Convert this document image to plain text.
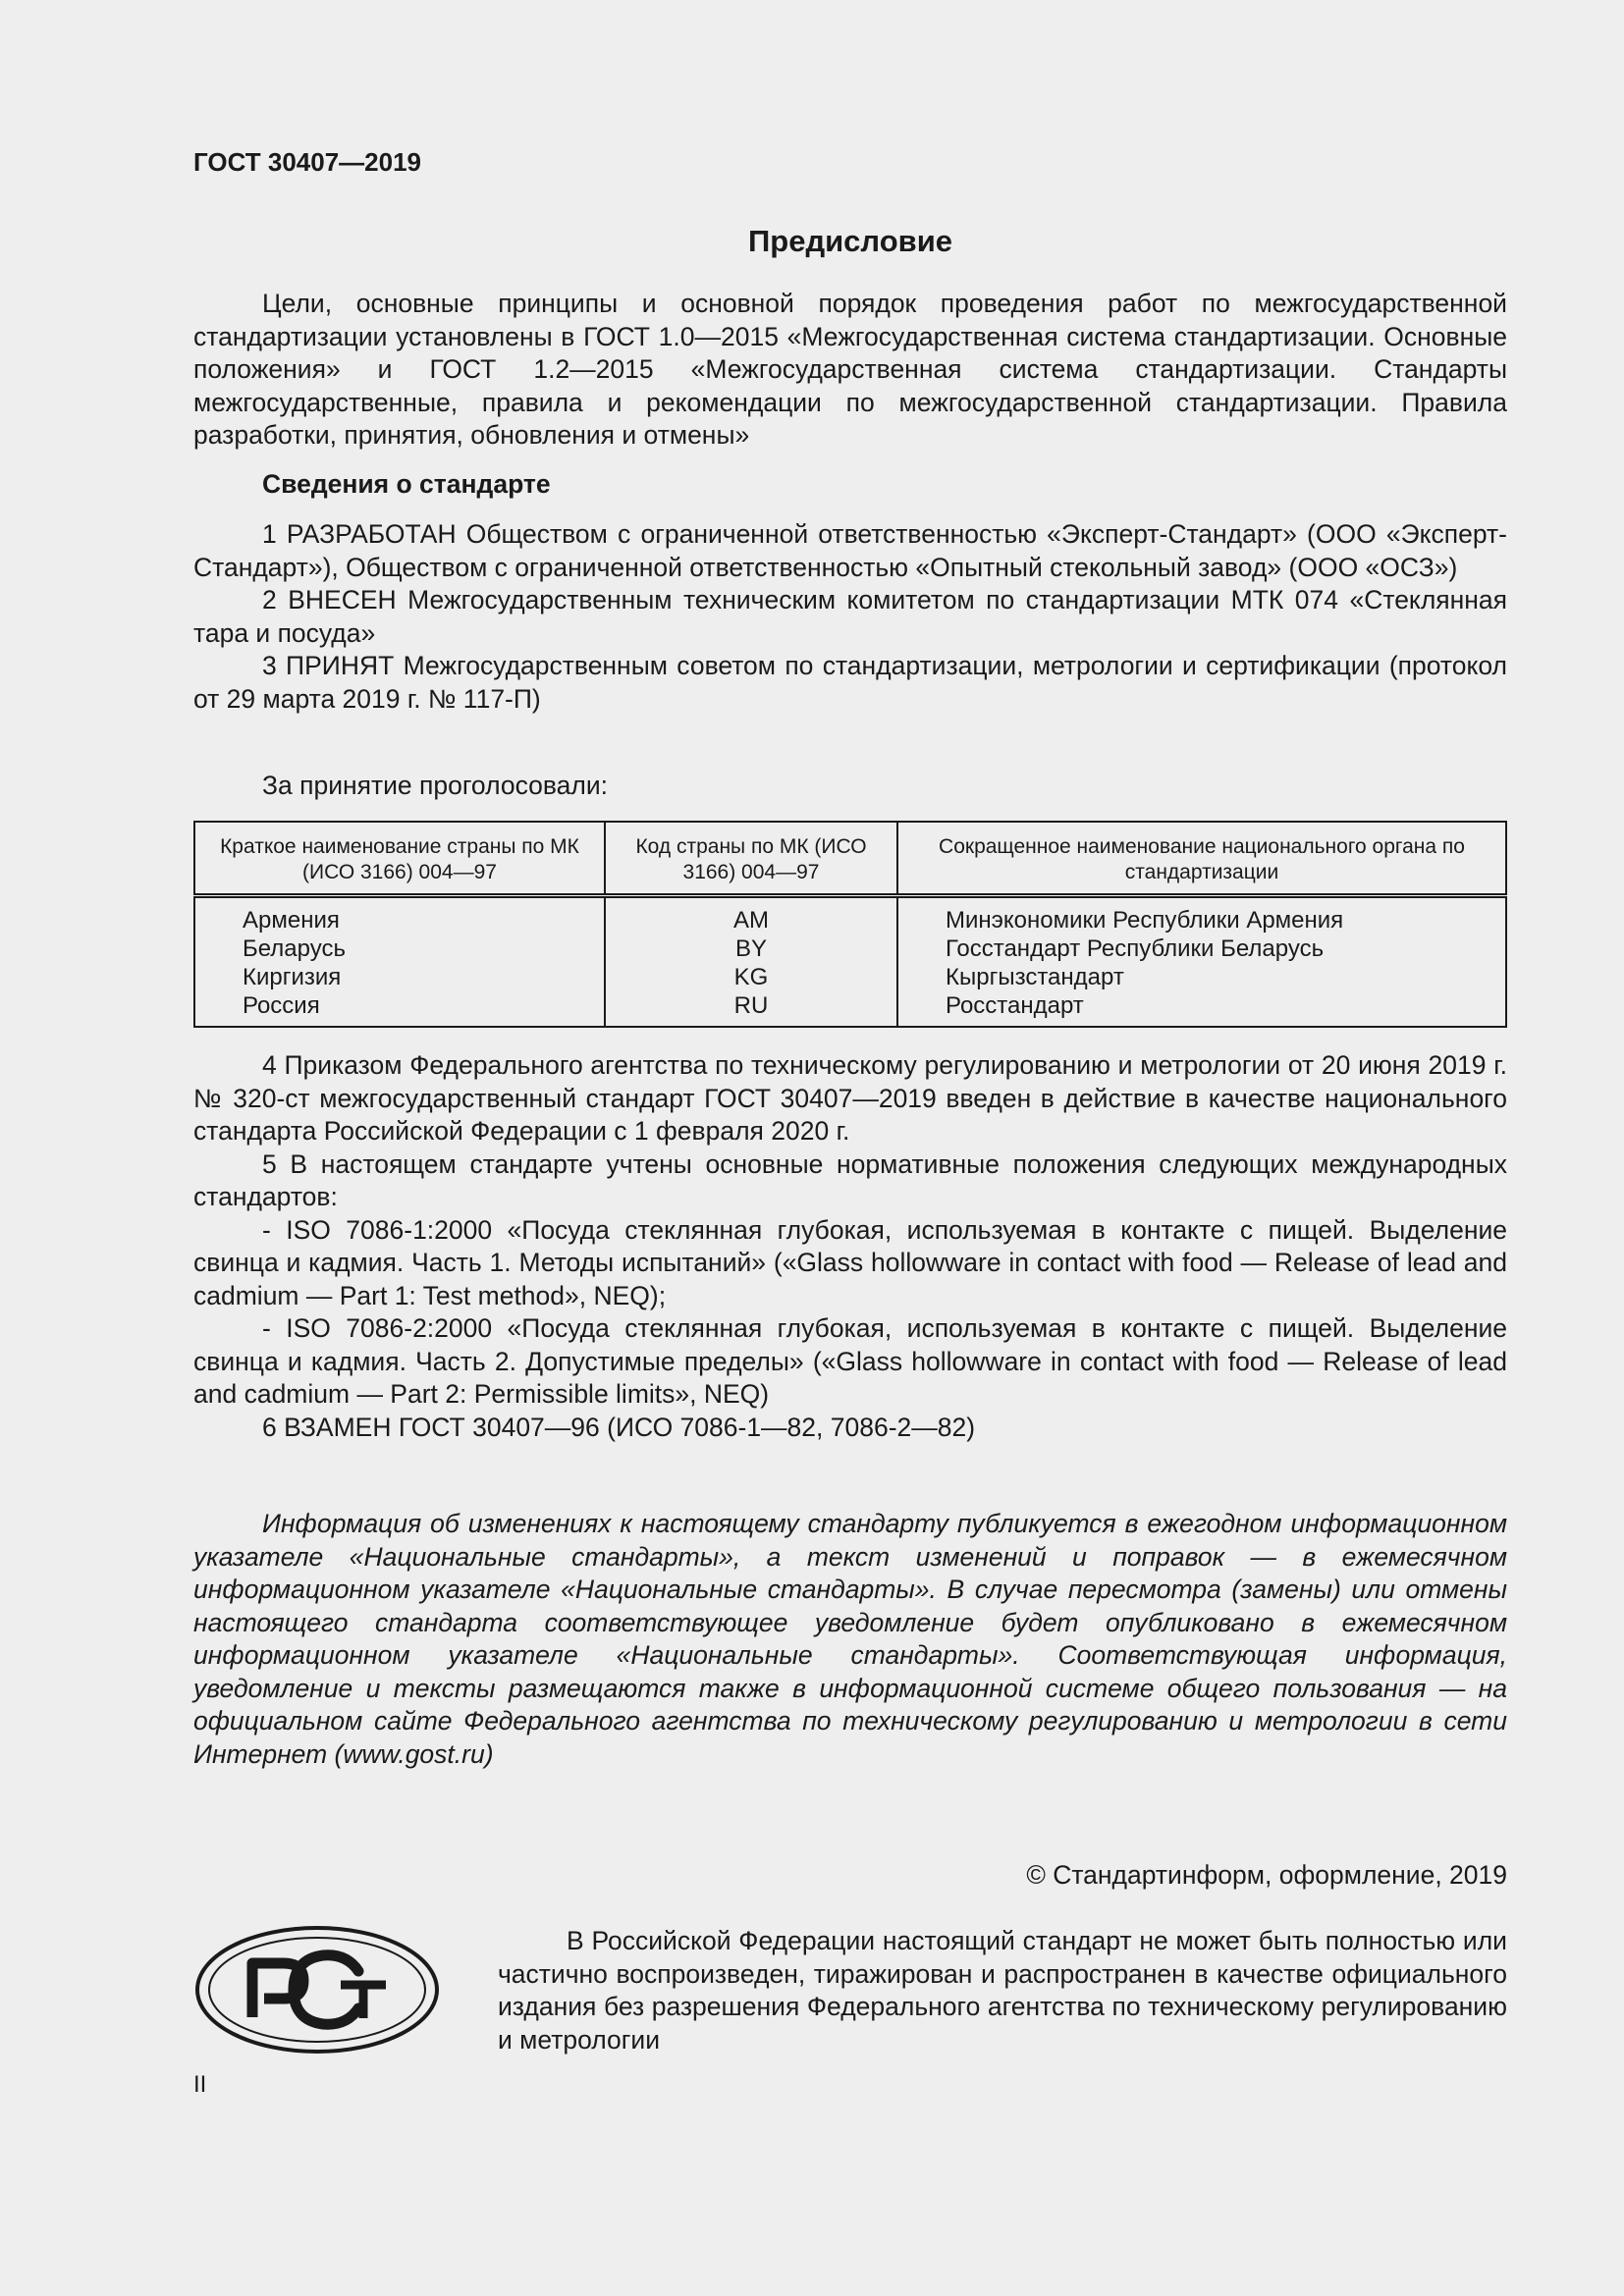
ГОСТ 30407—2019
Предисловие

Цели, основные принципы и основной порядок проведения работ по межгосударственной стандартизации установлены в ГОСТ 1.0—2015 «Межгосударственная система стандартизации. Основные положения» и ГОСТ 1.2—2015 «Межгосударственная система стандартизации. Стандарты межгосударственные, правила и рекомендации по межгосударственной стандартизации. Правила разработки, принятия, обновления и отмены»

Сведения о стандарте

1 РАЗРАБОТАН Обществом с ограниченной ответственностью «Эксперт-Стандарт» (ООО «Эксперт-Стандарт»), Обществом с ограниченной ответственностью «Опытный стекольный завод» (ООО «ОСЗ»)

2 ВНЕСЕН Межгосударственным техническим комитетом по стандартизации МТК 074 «Стеклянная тара и посуда»

3 ПРИНЯТ Межгосударственным советом по стандартизации, метрологии и сертификации (протокол от 29 марта 2019 г. № 117-П)

За принятие проголосовали:

Краткое наименование страны по МК (ИСО 3166) 004—97	Код страны по МК (ИСО 3166) 004—97	Сокращенное наименование национального органа по стандартизации
Армения	AM	Минэкономики Республики Армения
Беларусь	BY	Госстандарт Республики Беларусь
Киргизия	KG	Кыргызстандарт
Россия	RU	Росстандарт

4 Приказом Федерального агентства по техническому регулированию и метрологии от 20 июня 2019 г. № 320-ст межгосударственный стандарт ГОСТ 30407—2019 введен в действие в качестве национального стандарта Российской Федерации с 1 февраля 2020 г.

5 В настоящем стандарте учтены основные нормативные положения следующих международных стандартов:

- ISO 7086-1:2000 «Посуда стеклянная глубокая, используемая в контакте с пищей. Выделение свинца и кадмия. Часть 1. Методы испытаний» («Glass hollowware in contact with food — Release of lead and cadmium — Part 1: Test method», NEQ);

- ISO 7086-2:2000 «Посуда стеклянная глубокая, используемая в контакте с пищей. Выделение свинца и кадмия. Часть 2. Допустимые пределы» («Glass hollowware in contact with food — Release of lead and cadmium — Part 2: Permissible limits», NEQ)

6 ВЗАМЕН ГОСТ 30407—96 (ИСО 7086-1—82, 7086-2—82)

Информация об изменениях к настоящему стандарту публикуется в ежегодном информационном указателе «Национальные стандарты», а текст изменений и поправок — в ежемесячном информационном указателе «Национальные стандарты». В случае пересмотра (замены) или отмены настоящего стандарта соответствующее уведомление будет опубликовано в ежемесячном информационном указателе «Национальные стандарты». Соответствующая информация, уведомление и тексты размещаются также в информационной системе общего пользования — на официальном сайте Федерального агентства по техническому регулированию и метрологии в сети Интернет (www.gost.ru)

© Стандартинформ, оформление, 2019

В Российской Федерации настоящий стандарт не может быть полностью или частично воспроизведен, тиражирован и распространен в качестве официального издания без разрешения Федерального агентства по техническому регулированию и метрологии

II
